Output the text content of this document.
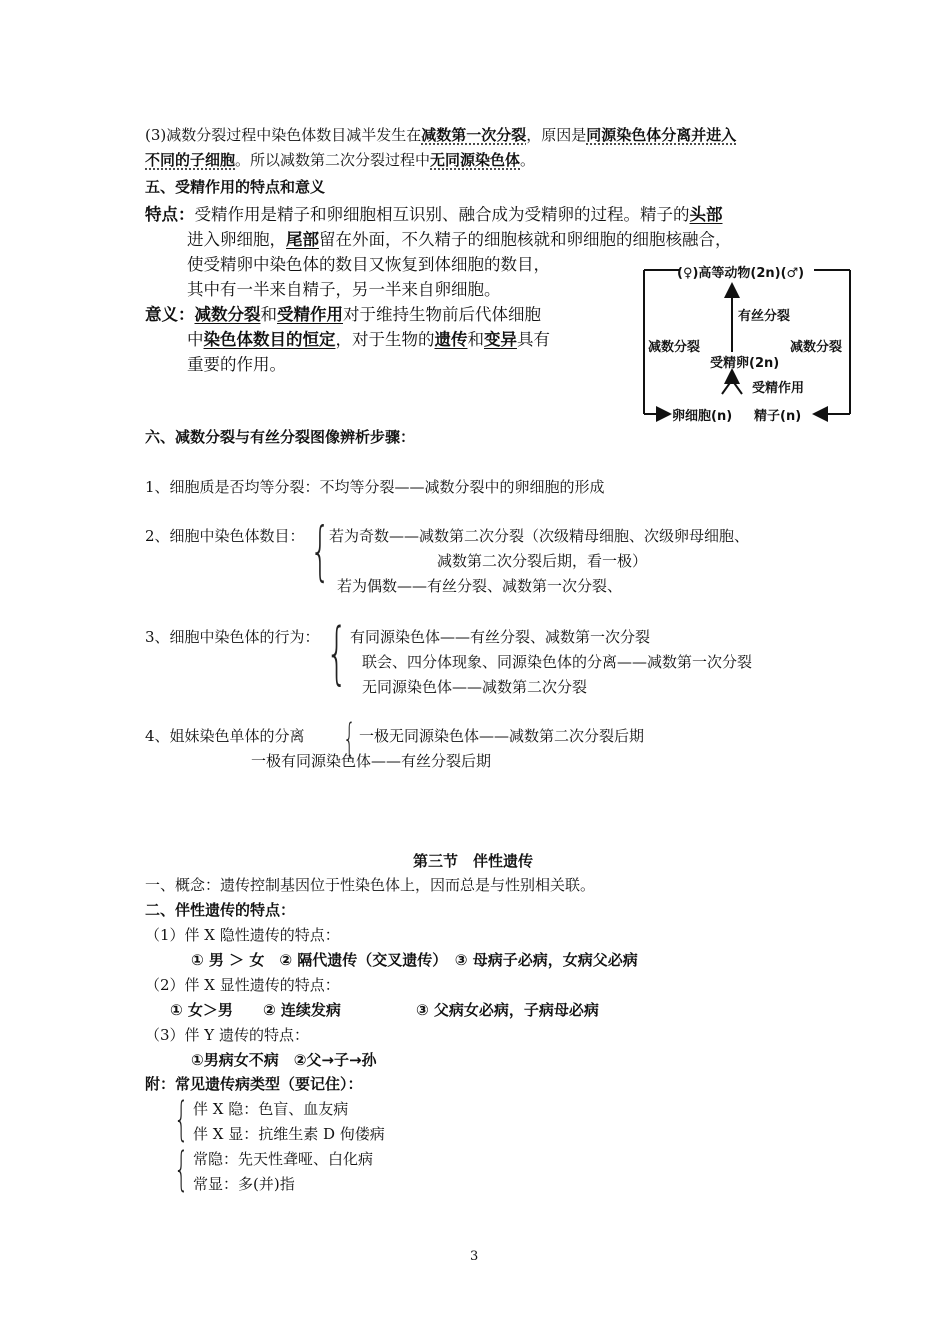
(3)减数分裂过程中染色体数目减半发生在减数第一次分裂，原因是同源染色体分离并进入
不同的子细胞。所以减数第二次分裂过程中无同源染色体。
五、受精作用的特点和意义
特点：受精作用是精子和卵细胞相互识别、融合成为受精卵的过程。精子的头部
进入卵细胞，尾部留在外面，不久精子的细胞核就和卵细胞的细胞核融合，
使受精卵中染色体的数目又恢复到体细胞的数目，
其中有一半来自精子，另一半来自卵细胞。
意义：减数分裂和受精作用对于维持生物前后代体细胞
中染色体数目的恒定，对于生物的遗传和变异具有
重要的作用。
(♀)高等动物(2n)(♂)
有丝分裂
减数分裂	减数分裂
受精卵(2n)
受精作用
卵细胞(n) 精子(n)
六、减数分裂与有丝分裂图像辨析步骤：
1、细胞质是否均等分裂：不均等分裂——减数分裂中的卵细胞的形成
2、细胞中染色体数目： {
若为奇数——减数第二次分裂（次级精母细胞、次级卵母细胞、
减数第二次分裂后期，看一极）
若为偶数——有丝分裂、减数第一次分裂、
3、细胞中染色体的行为： { 有同源染色体——有丝分裂、减数第一次分裂
联会、四分体现象、同源染色体的分离——减数第一次分裂
无同源染色体——减数第二次分裂
4、姐妹染色单体的分离 { 一极无同源染色体——减数第二次分裂后期
一极有同源染色体——有丝分裂后期
第三节　伴性遗传
一、概念：遗传控制基因位于性染色体上，因而总是与性别相关联。
二、伴性遗传的特点：
（1）伴 X 隐性遗传的特点：
① 男 ＞ 女　② 隔代遗传（交叉遗传）　③ 母病子必病，女病父必病
（2）伴 X 显性遗传的特点：
① 女＞男 ② 连续发病	③ 父病女必病，子病母必病
（3）伴 Y 遗传的特点：
①男病女不病　②父→子→孙
附：常见遗传病类型（要记住）：
{ 伴 X 隐：色盲、血友病
伴 X 显：抗维生素 D 佝偻病
{ 常隐：先天性聋哑、白化病
常显：多(并)指
3
